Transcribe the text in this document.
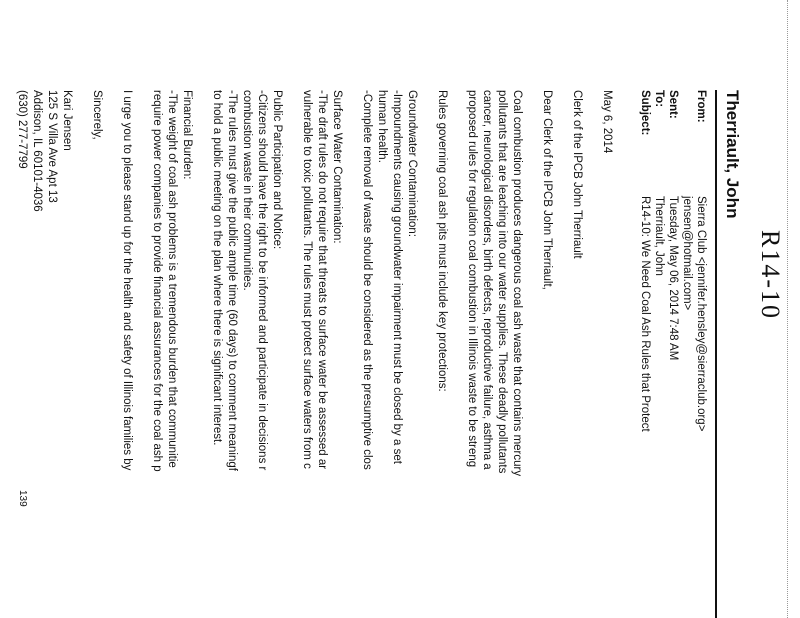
R14-10
Therriault, John
From:
Sierra Club <jennifer.hensley@sierraclub.org>
jensen@hotmail.com>
Sent:
Tuesday, May 06, 2014 7:48 AM
To:
Therriault, John
Subject:
R14-10: We Need Coal Ash Rules that Protect
May 6, 2014
Clerk of the IPCB John Therriault
Dear Clerk of the IPCB John Therriault,
Coal combustion produces dangerous coal ash waste that contains mercury
pollutants that are leaching into our water supplies. These deadly pollutants
cancer, neurological disorders, birth defects, reproductive failure, asthma a
proposed rules for regulation coal combustion in Illinois waste to be streng
Rules governing coal ash pits must include key protections:
Groundwater Contamination:
-Impoundments causing groundwater impairment must be closed by a set
human health.
-Complete removal of waste should be considered as the presumptive clos
Surface Water Contamination:
-The draft rules do not require that threats to surface water be assessed ar
vulnerable to toxic pollutants. The rules must protect surface waters from c
Public Participation and Notice:
-Citizens should have the right to be informed and participate in decisions r
combustion waste in their communities.
-The rules must give the public ample time (60 days) to comment meaningf
to hold a public meeting on the plan where there is significant interest.
Financial Burden:
-The weight of coal ash problems is a tremendous burden that communitie
require power companies to provide financial assurances for the coal ash p
I urge you to please stand up for the health and safety of Illinois families by
Sincerely,
Kari Jensen
125 S Villa Ave Apt 13
Addison, IL 60101-4036
(630) 277-7799
139
